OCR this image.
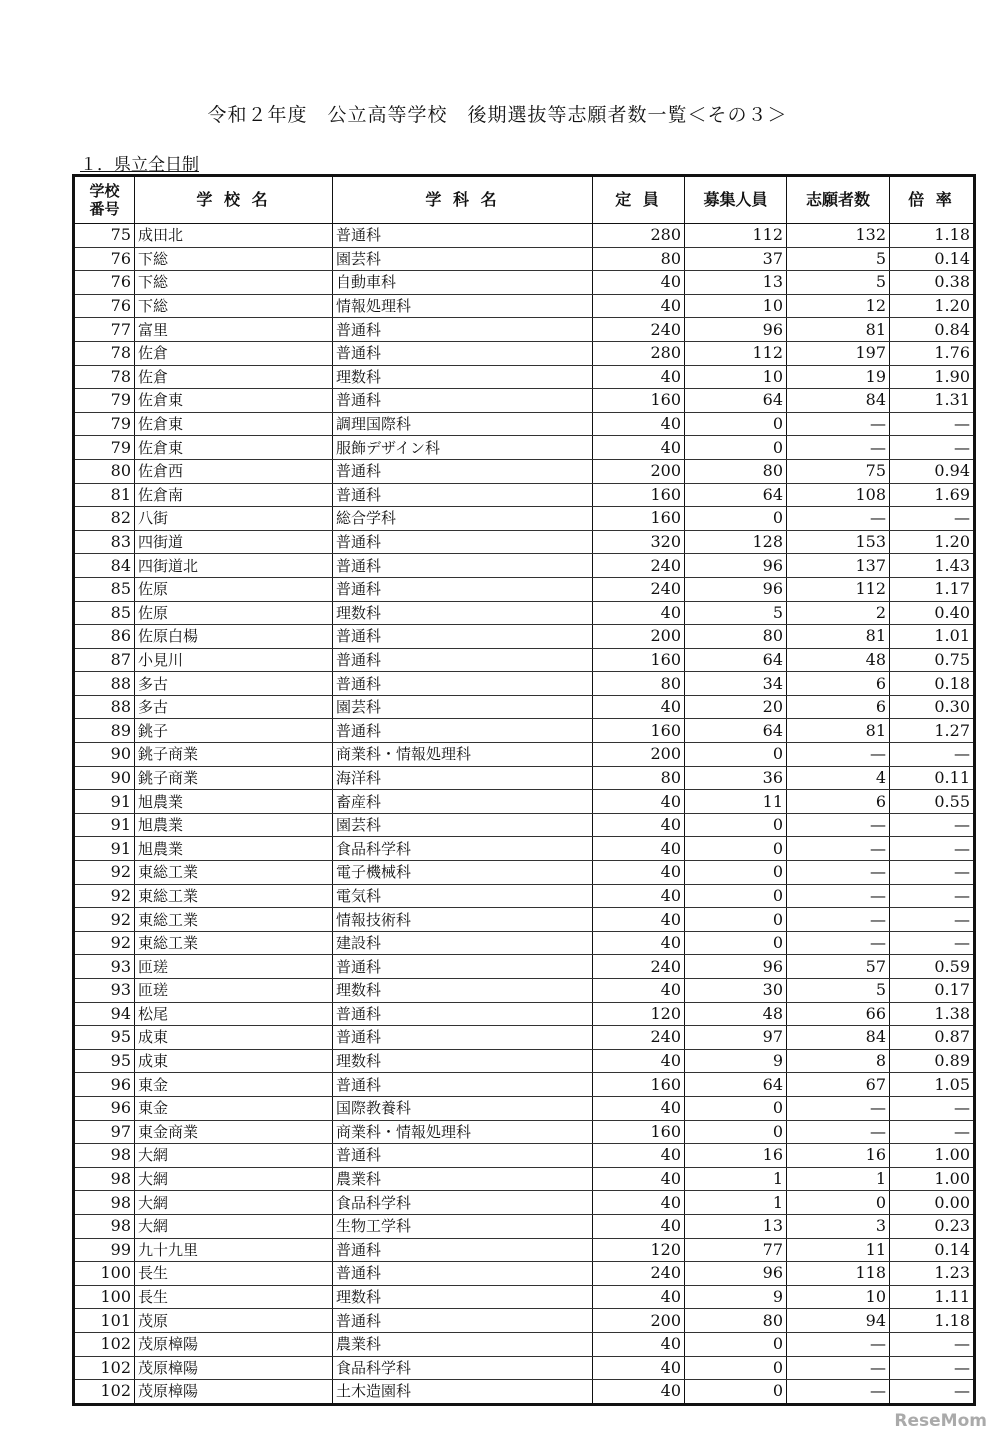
令和２年度　公立高等学校　後期選抜等志願者数一覧＜その３＞
１．県立全日制
学校
番号	学 校 名	学 科 名	定 員	募集人員	志願者数	倍 率
75	成田北	普通科	280	112	132	1.18
76	下総	園芸科	80	37	5	0.14
76	下総	自動車科	40	13	5	0.38
76	下総	情報処理科	40	10	12	1.20
77	富里	普通科	240	96	81	0.84
78	佐倉	普通科	280	112	197	1.76
78	佐倉	理数科	40	10	19	1.90
79	佐倉東	普通科	160	64	84	1.31
79	佐倉東	調理国際科	40	0	—	—
79	佐倉東	服飾デザイン科	40	0	—	—
80	佐倉西	普通科	200	80	75	0.94
81	佐倉南	普通科	160	64	108	1.69
82	八街	総合学科	160	0	—	—
83	四街道	普通科	320	128	153	1.20
84	四街道北	普通科	240	96	137	1.43
85	佐原	普通科	240	96	112	1.17
85	佐原	理数科	40	5	2	0.40
86	佐原白楊	普通科	200	80	81	1.01
87	小見川	普通科	160	64	48	0.75
88	多古	普通科	80	34	6	0.18
88	多古	園芸科	40	20	6	0.30
89	銚子	普通科	160	64	81	1.27
90	銚子商業	商業科・情報処理科	200	0	—	—
90	銚子商業	海洋科	80	36	4	0.11
91	旭農業	畜産科	40	11	6	0.55
91	旭農業	園芸科	40	0	—	—
91	旭農業	食品科学科	40	0	—	—
92	東総工業	電子機械科	40	0	—	—
92	東総工業	電気科	40	0	—	—
92	東総工業	情報技術科	40	0	—	—
92	東総工業	建設科	40	0	—	—
93	匝瑳	普通科	240	96	57	0.59
93	匝瑳	理数科	40	30	5	0.17
94	松尾	普通科	120	48	66	1.38
95	成東	普通科	240	97	84	0.87
95	成東	理数科	40	9	8	0.89
96	東金	普通科	160	64	67	1.05
96	東金	国際教養科	40	0	—	—
97	東金商業	商業科・情報処理科	160	0	—	—
98	大網	普通科	40	16	16	1.00
98	大網	農業科	40	1	1	1.00
98	大網	食品科学科	40	1	0	0.00
98	大網	生物工学科	40	13	3	0.23
99	九十九里	普通科	120	77	11	0.14
100	長生	普通科	240	96	118	1.23
100	長生	理数科	40	9	10	1.11
101	茂原	普通科	200	80	94	1.18
102	茂原樟陽	農業科	40	0	—	—
102	茂原樟陽	食品科学科	40	0	—	—
102	茂原樟陽	土木造園科	40	0	—	—
ReseMom
